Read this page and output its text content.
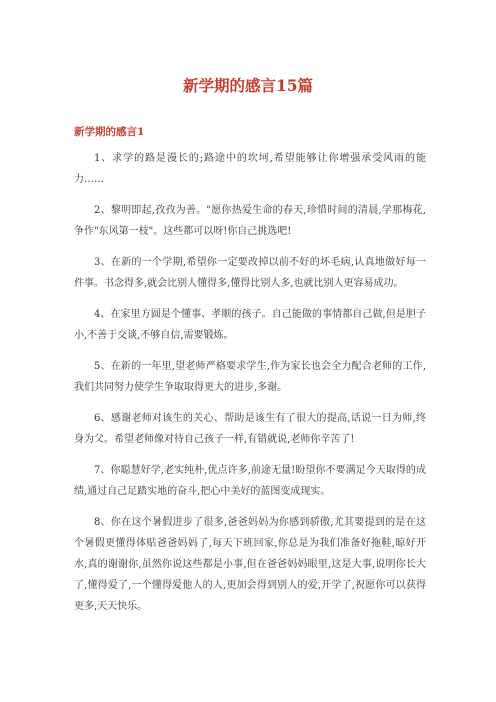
新学期的感言15篇
新学期的感言1

1、求学的路是漫长的;路途中的坎坷,希望能够让你增强承受风雨的能力……

2、黎明即起,孜孜为善。"愿你热爱生命的春天,珍惜时间的清晨,学那梅花,争作"东风第一枝"。这些都可以呀!你自己挑选吧!

3、在新的一个学期,希望你一定要改掉以前不好的坏毛病,认真地做好每一件事。书念得多,就会比别人懂得多,懂得比别人多,也就比别人更容易成功。

4、在家里方圆是个懂事、孝顺的孩子。自己能做的事情都自己做,但是胆子小,不善于交谈,不够自信,需要锻炼。

5、在新的一年里,望老师严格要求学生,作为家长也会全力配合老师的工作,我们共同努力使学生争取取得更大的进步,多谢。

6、感谢老师对该生的关心、帮助是该生有了很大的提高,话说一日为师,终身为父。希望老师像对待自己孩子一样,有错就说,老师你辛苦了!

7、你聪慧好学,老实纯朴,优点许多,前途无量!盼望你不要满足今天取得的成绩,通过自己足踏实地的奋斗,把心中美好的蓝图变成现实。

8、你在这个暑假进步了很多,爸爸妈妈为你感到骄傲,尤其要提到的是在这个暑假更懂得体贴爸爸妈妈了,每天下班回家,你总是为我们准备好拖鞋,晾好开水,真的谢谢你,虽然你说这些都是小事,但在爸爸妈妈眼里,这是大事,说明你长大了,懂得爱了,一个懂得爱他人的人,更加会得到别人的爱,开学了,祝愿你可以获得更多,天天快乐。
